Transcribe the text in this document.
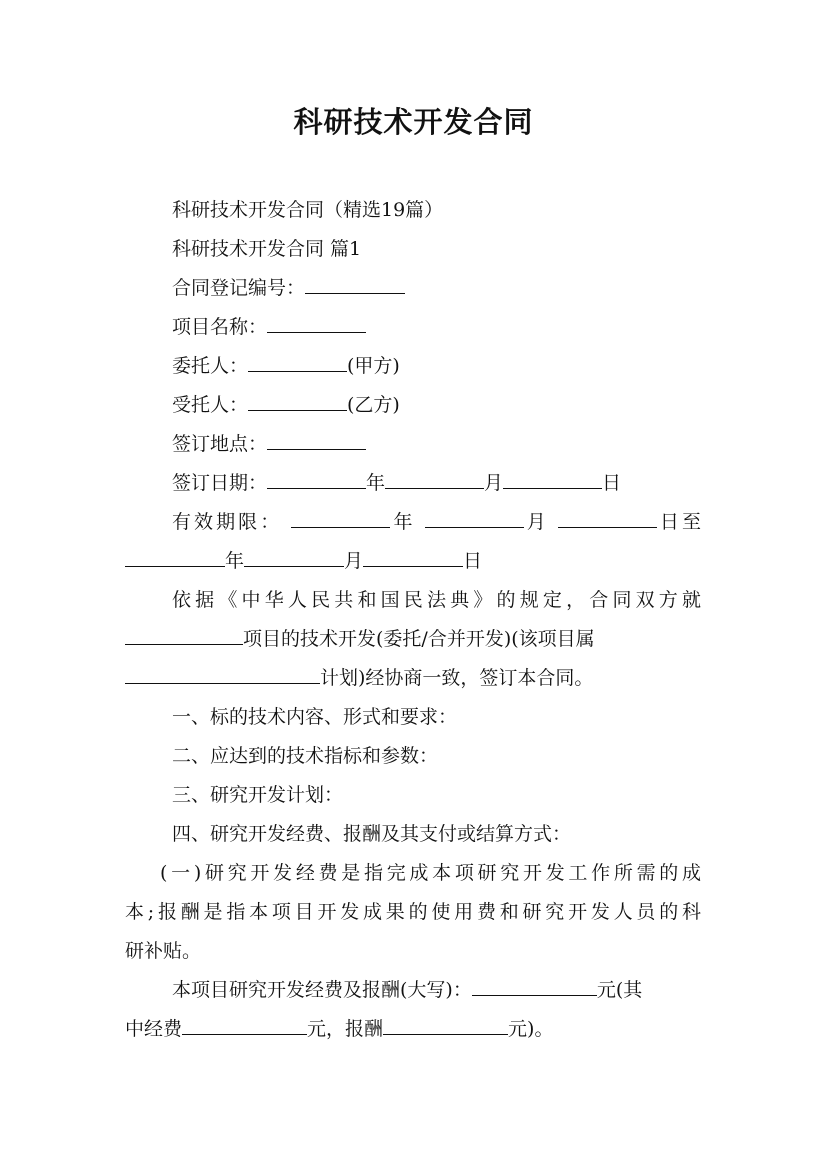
科研技术开发合同
科研技术开发合同（精选19篇）
科研技术开发合同 篇1
合同登记编号：
项目名称：
委托人：	(甲方)
受托人：	(乙方)
签订地点：
签订日期：	年	月	日
有效期限：	年	月	日至
年	月	日
依据《中华人民共和国民法典》的规定，合同双方就
项目的技术开发(委托/合并开发)(该项目属
计划)经协商一致，签订本合同。
一、标的技术内容、形式和要求：
二、应达到的技术指标和参数：
三、研究开发计划：
四、研究开发经费、报酬及其支付或结算方式：
(一)研究开发经费是指完成本项研究开发工作所需的成
本;报酬是指本项目开发成果的使用费和研究开发人员的科
研补贴。
本项目研究开发经费及报酬(大写)：	元(其
中经费	元，报酬	元)。
